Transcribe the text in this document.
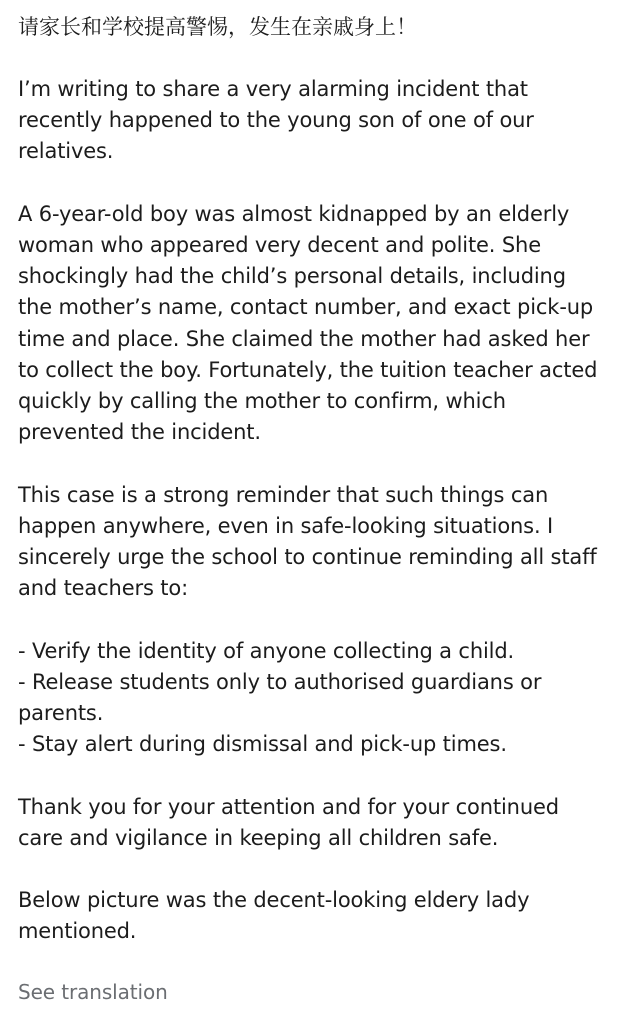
请家长和学校提高警惕，发生在亲戚身上！
I’m writing to share a very alarming incident that
recently happened to the young son of one of our
relatives.
A 6-year-old boy was almost kidnapped by an elderly
woman who appeared very decent and polite. She
shockingly had the child’s personal details, including
the mother’s name, contact number, and exact pick-up
time and place. She claimed the mother had asked her
to collect the boy. Fortunately, the tuition teacher acted
quickly by calling the mother to confirm, which
prevented the incident.
This case is a strong reminder that such things can
happen anywhere, even in safe-looking situations. I
sincerely urge the school to continue reminding all staff
and teachers to:
- Verify the identity of anyone collecting a child.
- Release students only to authorised guardians or
parents.
- Stay alert during dismissal and pick-up times.
Thank you for your attention and for your continued
care and vigilance in keeping all children safe.
Below picture was the decent-looking eldery lady
mentioned.
See translation
